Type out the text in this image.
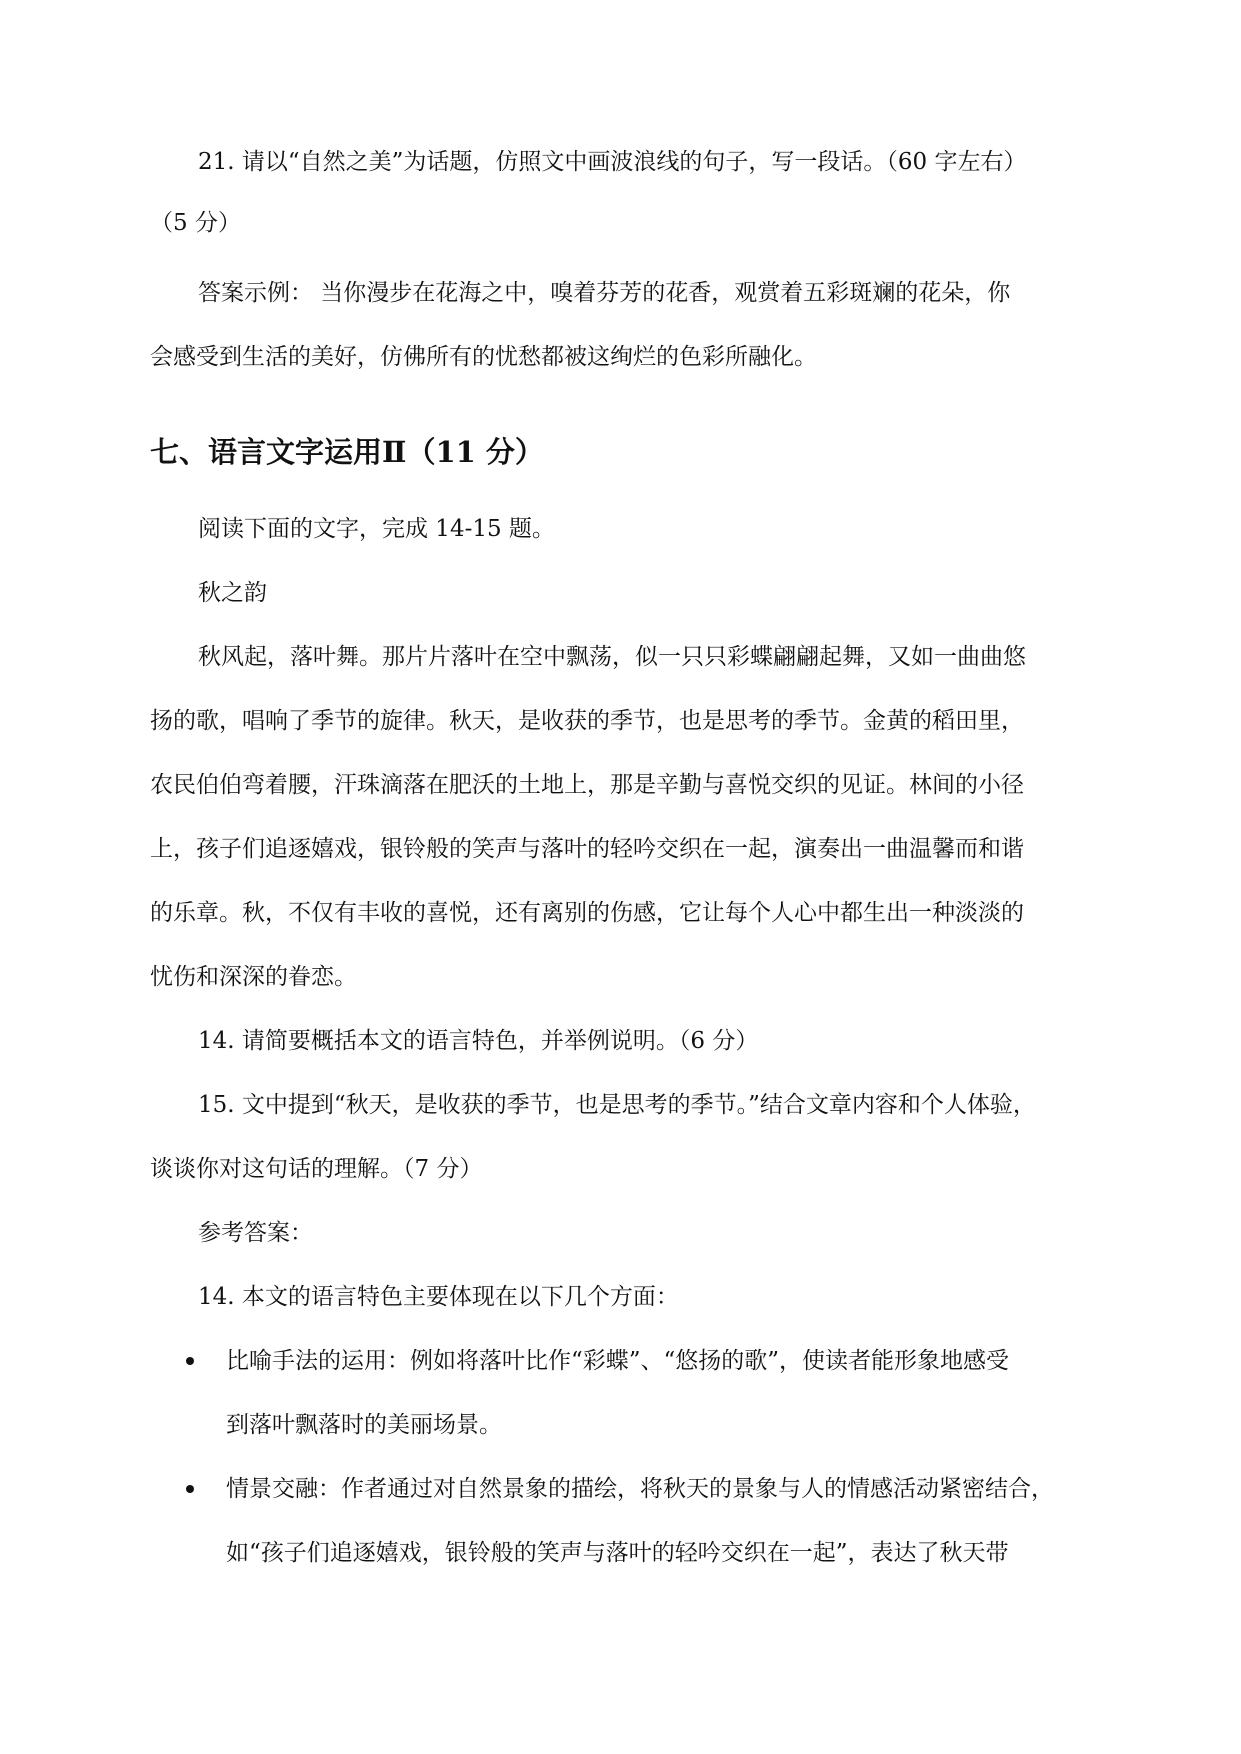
21. 请以“自然之美”为话题，仿照文中画波浪线的句子，写一段话。（60 字左右）
（5 分）
答案示例： 当你漫步在花海之中，嗅着芬芳的花香，观赏着五彩斑斓的花朵，你
会感受到生活的美好，仿佛所有的忧愁都被这绚烂的色彩所融化。
七、语言文字运用Ⅱ（11 分）
阅读下面的文字，完成 14-15 题。
秋之韵
秋风起，落叶舞。那片片落叶在空中飘荡，似一只只彩蝶翩翩起舞，又如一曲曲悠
扬的歌，唱响了季节的旋律。秋天，是收获的季节，也是思考的季节。金黄的稻田里，
农民伯伯弯着腰，汗珠滴落在肥沃的土地上，那是辛勤与喜悦交织的见证。林间的小径
上，孩子们追逐嬉戏，银铃般的笑声与落叶的轻吟交织在一起，演奏出一曲温馨而和谐
的乐章。秋，不仅有丰收的喜悦，还有离别的伤感，它让每个人心中都生出一种淡淡的
忧伤和深深的眷恋。
14. 请简要概括本文的语言特色，并举例说明。（6 分）
15. 文中提到“秋天，是收获的季节，也是思考的季节。”结合文章内容和个人体验，
谈谈你对这句话的理解。（7 分）
参考答案：
14. 本文的语言特色主要体现在以下几个方面：
比喻手法的运用：例如将落叶比作“彩蝶”、“悠扬的歌”，使读者能形象地感受
到落叶飘落时的美丽场景。
情景交融：作者通过对自然景象的描绘，将秋天的景象与人的情感活动紧密结合，
如“孩子们追逐嬉戏，银铃般的笑声与落叶的轻吟交织在一起”，表达了秋天带
